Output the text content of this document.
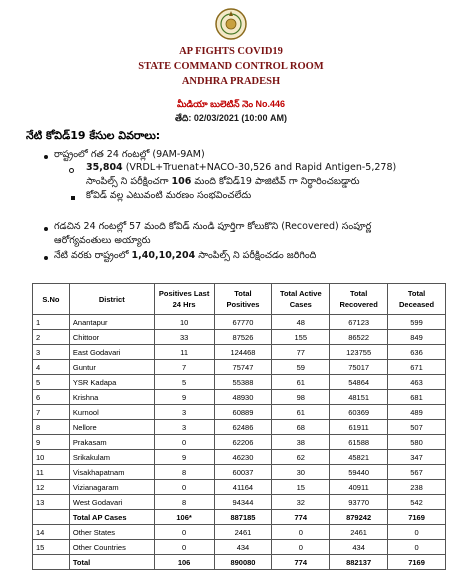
AP FIGHTS COVID19
STATE COMMAND CONTROL ROOM
ANDHRA PRADESH
మీడియా బులెటిన్ నెం No.446
తేది: 02/03/2021 (10:00 AM)
నేటి కోవిడ్19 కేసుల వివరాలు:
రాష్ట్రంలో గత 24 గంటల్లో (9AM-9AM)
35,804 (VRDL+Truenat+NACO-30,526 and Rapid Antigen-5,278)
సాంపిల్స్ ని పరీక్షించగా 106 మంది కోవిడ్19 పాజిటివ్ గా నిర్ధారించబడ్డారు
కోవిడ్ వల్ల ఎటువంటి మరణం సంభవించలేదు
గడచిన 24 గంటల్లో 57 మంది కోవిడ్ నుండి పూర్తిగా కోలుకొని (Recovered) సంపూర్ణ
ఆరోగ్యవంతులు అయ్యారు
నేటి వరకు రాష్ట్రంలో 1,40,10,204 సాంపిల్స్ ని పరీక్షించడం జరిగింది
S.No	District	Positives Last 24 Hrs	Total Positives	Total Active Cases	Total Recovered	Total Deceased
1	Anantapur	10	67770	48	67123	599
2	Chittoor	33	87526	155	86522	849
3	East Godavari	11	124468	77	123755	636
4	Guntur	7	75747	59	75017	671
5	YSR Kadapa	5	55388	61	54864	463
6	Krishna	9	48930	98	48151	681
7	Kurnool	3	60889	61	60369	489
8	Nellore	3	62486	68	61911	507
9	Prakasam	0	62206	38	61588	580
10	Srikakulam	9	46230	62	45821	347
11	Visakhapatnam	8	60037	30	59440	567
12	Vizianagaram	0	41164	15	40911	238
13	West Godavari	8	94344	32	93770	542
	Total AP Cases	106*	887185	774	879242	7169
14	Other States	0	2461	0	2461	0
15	Other Countries	0	434	0	434	0
	Total	106	890080	774	882137	7169
